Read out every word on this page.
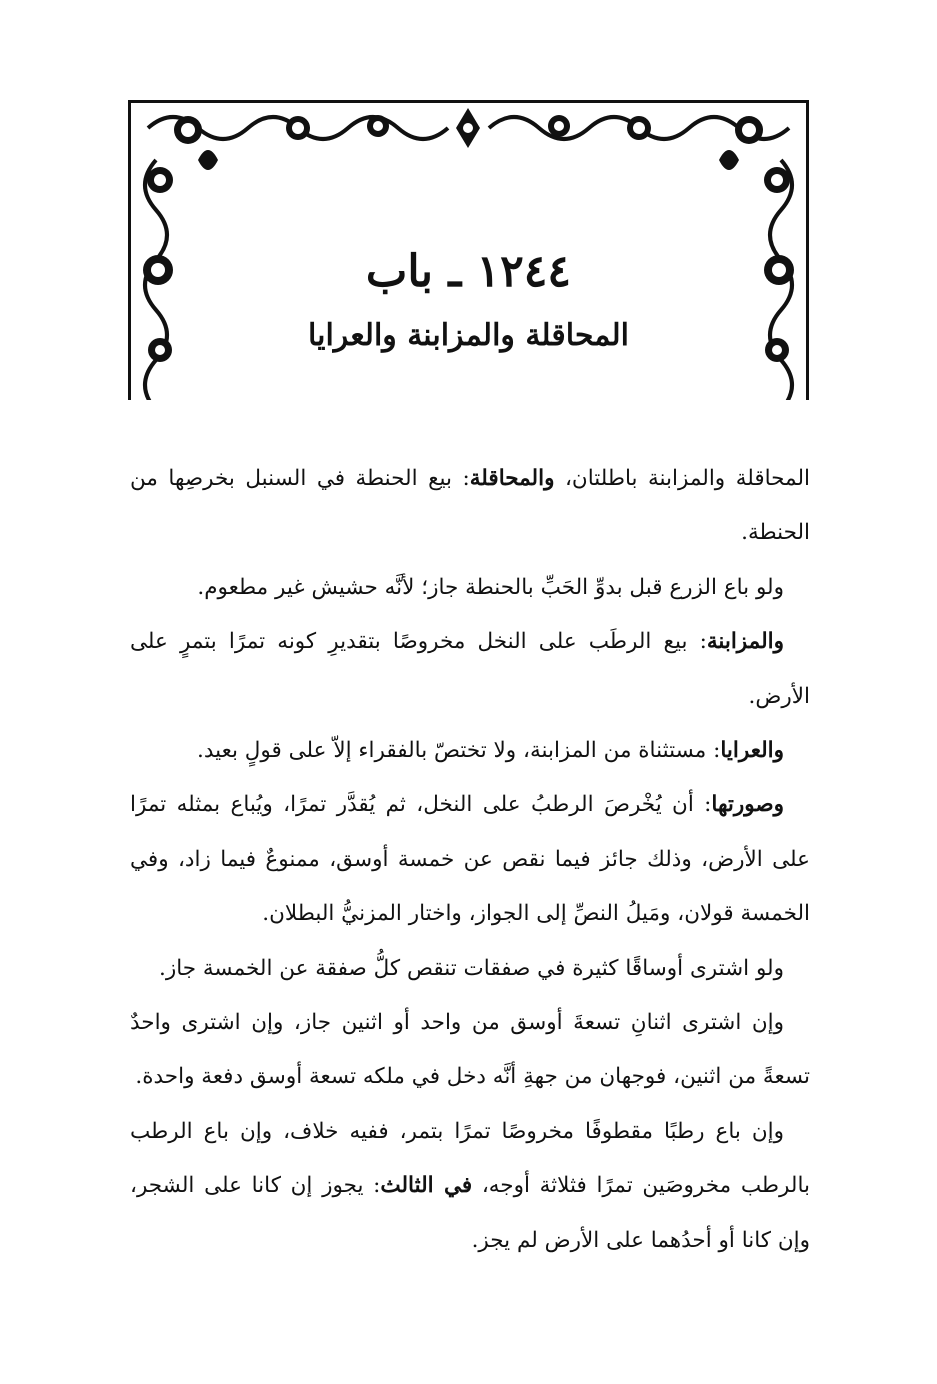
١٢٤٤ ـ باب
المحاقلة والمزابنة والعرايا

المحاقلة والمزابنة باطلتان، والمحاقلة: بيع الحنطة في السنبل بخرصِها من الحنطة.

ولو باع الزرع قبل بدوِّ الحَبِّ بالحنطة جاز؛ لأنَّه حشيش غير مطعوم.

والمزابنة: بيع الرطَب على النخل مخروصًا بتقديرِ كونه تمرًا بتمرٍ على الأرض.

والعرايا: مستثناة من المزابنة، ولا تختصّ بالفقراء إلاّ على قولٍ بعيد.

وصورتها: أن يُخْرصَ الرطبُ على النخل، ثم يُقدَّر تمرًا، ويُباع بمثله تمرًا على الأرض، وذلك جائز فيما نقص عن خمسة أوسق، ممنوعٌ فيما زاد، وفي الخمسة قولان، ومَيلُ النصِّ إلى الجواز، واختار المزنيُّ البطلان.

ولو اشترى أوساقًا كثيرة في صفقات تنقص كلُّ صفقة عن الخمسة جاز.

وإن اشترى اثنانِ تسعةَ أوسق من واحد أو اثنين جاز، وإن اشترى واحدٌ تسعةً من اثنين، فوجهان من جهةِ أنَّه دخل في ملكه تسعة أوسق دفعة واحدة.

وإن باع رطبًا مقطوفًا مخروصًا تمرًا بتمر، ففيه خلاف، وإن باع الرطب بالرطب مخروصَين تمرًا فثلاثة أوجه، في الثالث: يجوز إن كانا على الشجر، وإن كانا أو أحدُهما على الأرض لم يجز.
